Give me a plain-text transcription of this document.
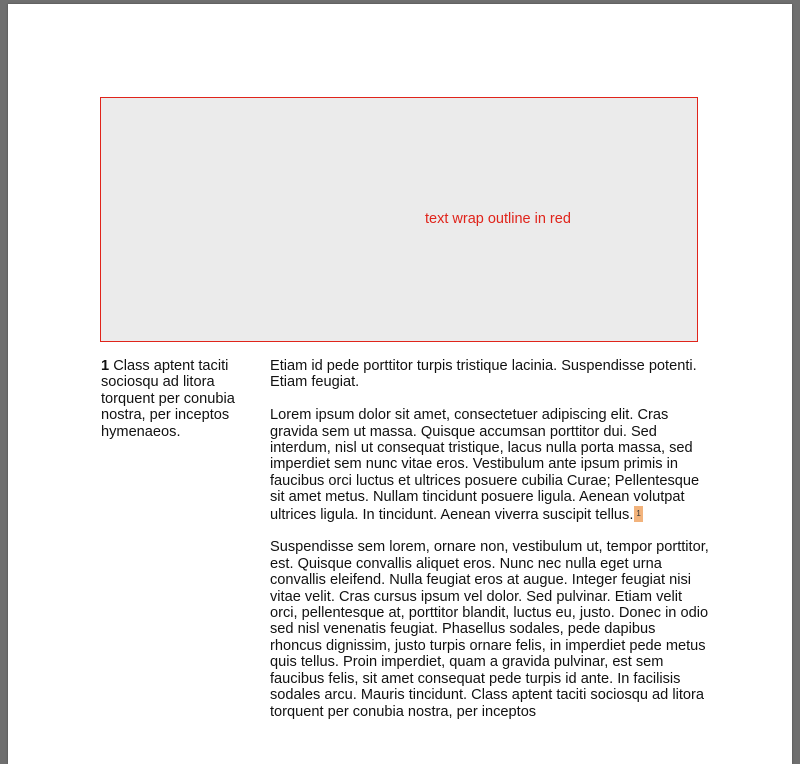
text wrap outline in red
1 Class aptent taciti sociosqu ad litora torquent per conubia nostra, per inceptos hymenaeos.

Etiam id pede porttitor turpis tristique lacinia. Suspendisse potenti. Etiam feugiat.

Lorem ipsum dolor sit amet, consectetuer adipiscing elit. Cras gravida sem ut massa. Quisque accumsan porttitor dui. Sed interdum, nisl ut consequat tristique, lacus nulla porta massa, sed imperdiet sem nunc vitae eros. Vestibulum ante ipsum primis in faucibus orci luctus et ultrices posuere cubilia Curae; Pellentesque sit amet metus. Nullam tincidunt posuere ligula. Aenean volutpat ultrices ligula. In tincidunt. Aenean viverra suscipit tellus. 1

Suspendisse sem lorem, ornare non, vestibulum ut, tempor porttitor, est. Quisque convallis aliquet eros. Nunc nec nulla eget urna convallis eleifend. Nulla feugiat eros at augue. Integer feugiat nisi vitae velit. Cras cursus ipsum vel dolor. Sed pulvinar. Etiam velit orci, pellentesque at, porttitor blandit, luctus eu, justo. Donec in odio sed nisl venenatis feugiat. Phasellus sodales, pede dapibus rhoncus dignissim, justo turpis ornare felis, in imperdiet pede metus quis tellus. Proin imperdiet, quam a gravida pulvinar, est sem faucibus felis, sit amet consequat pede turpis id ante. In facilisis sodales arcu. Mauris tincidunt. Class aptent taciti sociosqu ad litora torquent per conubia nostra, per inceptos
